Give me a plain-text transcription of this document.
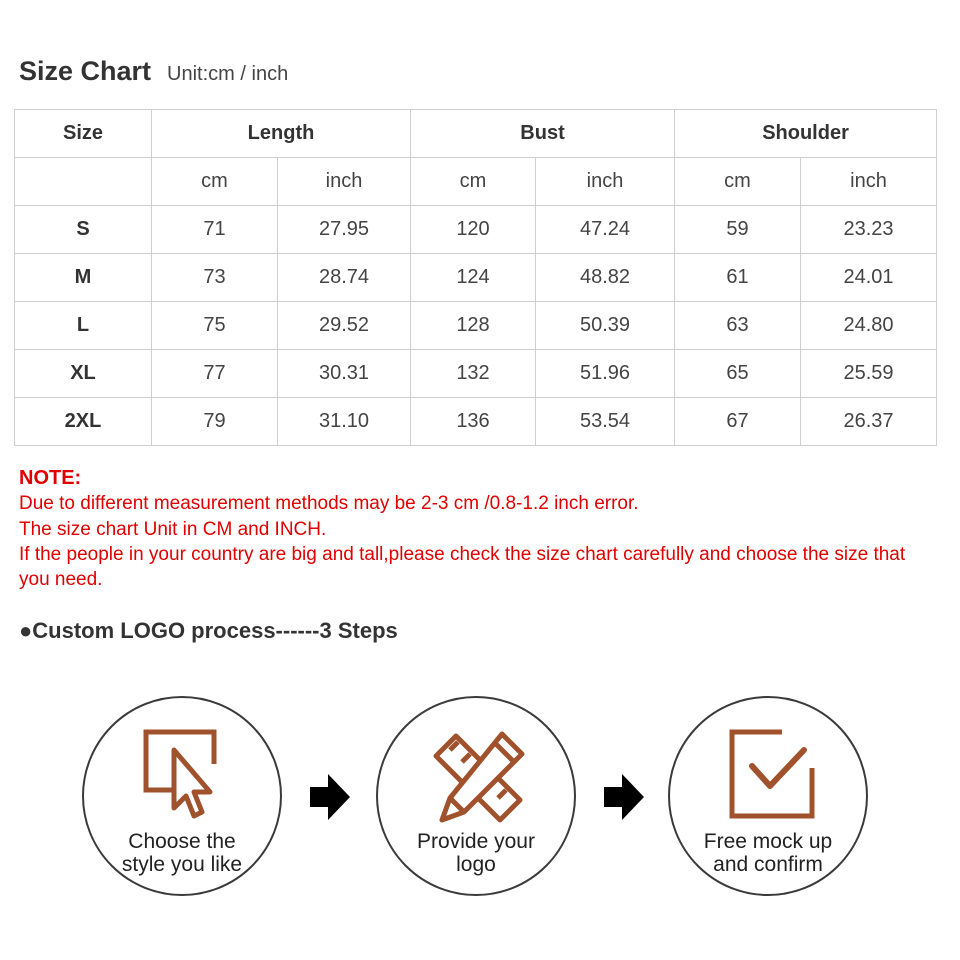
Size Chart Unit:cm / inch
Size	Length		Bust		Shoulder	
	cm	inch	cm	inch	cm	inch
S	71	27.95	120	47.24	59	23.23
M	73	28.74	124	48.82	61	24.01
L	75	29.52	128	50.39	63	24.80
XL	77	30.31	132	51.96	65	25.59
2XL	79	31.10	136	53.54	67	26.37
NOTE:
Due to different measurement methods may be 2-3 cm /0.8-1.2 inch error.
The size chart Unit in CM and INCH.
If the people in your country are big and tall,please check the size chart carefully and choose the size that you need.
●Custom LOGO process------3 Steps
Choose the
style you like
Provide your
logo
Free mock up
and confirm
